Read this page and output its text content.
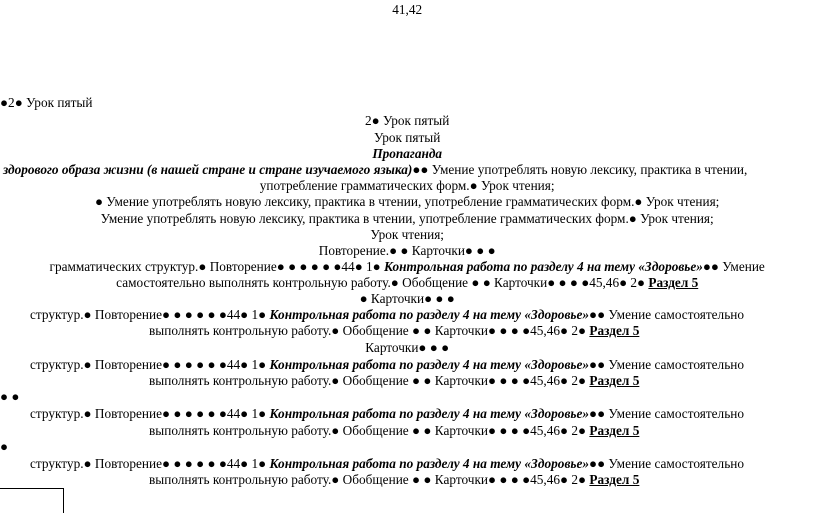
41,42
●2● Урок пятый
2● Урок пятый
Урок пятый
Пропаганда
здорового образа жизни (в нашей стране и стране изучаемого языка)●● Умение употреблять новую лексику, практика в чтении,
употребление грамматических форм.● Урок чтения;
● Умение употреблять новую лексику, практика в чтении, употребление грамматических форм.● Урок чтения;
Умение употреблять новую лексику, практика в чтении, употребление грамматических форм.● Урок чтения;
Урок чтения;
Повторение.● ● Карточки● ● ●
грамматических структур.● Повторение● ● ● ● ● ●44● 1● Контрольная работа по разделу 4 на тему «Здоровье»●● Умение
самостоятельно выполнять контрольную работу.● Обобщение ● ● Карточки● ● ● ●45,46● 2● Раздел 5
● Карточки● ● ●
структур.● Повторение● ● ● ● ● ●44● 1● Контрольная работа по разделу 4 на тему «Здоровье»●● Умение самостоятельно
выполнять контрольную работу.● Обобщение ● ● Карточки● ● ● ●45,46● 2● Раздел 5
Карточки● ● ●
структур.● Повторение● ● ● ● ● ●44● 1● Контрольная работа по разделу 4 на тему «Здоровье»●● Умение самостоятельно
выполнять контрольную работу.● Обобщение ● ● Карточки● ● ● ●45,46● 2● Раздел 5
● ●
структур.● Повторение● ● ● ● ● ●44● 1● Контрольная работа по разделу 4 на тему «Здоровье»●● Умение самостоятельно
выполнять контрольную работу.● Обобщение ● ● Карточки● ● ● ●45,46● 2● Раздел 5
●
структур.● Повторение● ● ● ● ● ●44● 1● Контрольная работа по разделу 4 на тему «Здоровье»●● Умение самостоятельно
выполнять контрольную работу.● Обобщение ● ● Карточки● ● ● ●45,46● 2● Раздел 5
